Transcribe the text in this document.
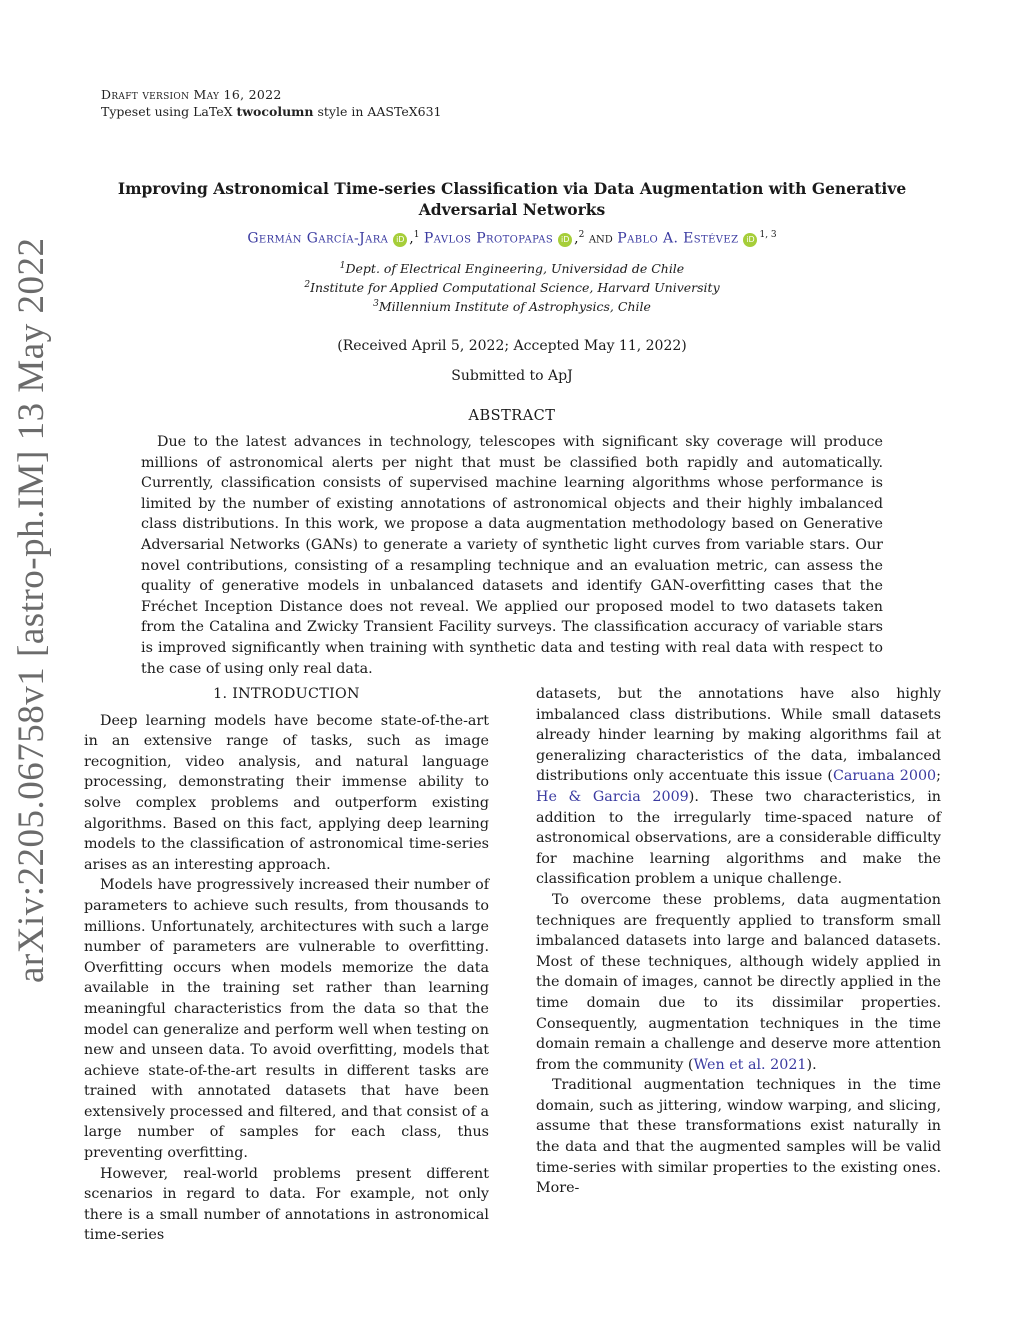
Draft version May 16, 2022
Typeset using LaTeX twocolumn style in AASTeX631
arXiv:2205.06758v1 [astro-ph.IM] 13 May 2022
Improving Astronomical Time-series Classification via Data Augmentation with Generative Adversarial Networks
Germán García-Jara iD ,$^1$ Pavlos Protopapas iD ,$^2$ and Pablo A. Estévez iD $^{1, 3}$
$^1$Dept. of Electrical Engineering, Universidad de Chile
$^2$Institute for Applied Computational Science, Harvard University
$^3$Millennium Institute of Astrophysics, Chile
(Received April 5, 2022; Accepted May 11, 2022)
Submitted to ApJ
ABSTRACT
Due to the latest advances in technology, telescopes with significant sky coverage will produce millions of astronomical alerts per night that must be classified both rapidly and automatically. Currently, classification consists of supervised machine learning algorithms whose performance is limited by the number of existing annotations of astronomical objects and their highly imbalanced class distributions. In this work, we propose a data augmentation methodology based on Generative Adversarial Networks (GANs) to generate a variety of synthetic light curves from variable stars. Our novel contributions, consisting of a resampling technique and an evaluation metric, can assess the quality of generative models in unbalanced datasets and identify GAN-overfitting cases that the Fréchet Inception Distance does not reveal. We applied our proposed model to two datasets taken from the Catalina and Zwicky Transient Facility surveys. The classification accuracy of variable stars is improved significantly when training with synthetic data and testing with real data with respect to the case of using only real data.
1. INTRODUCTION

Deep learning models have become state-of-the-art in an extensive range of tasks, such as image recognition, video analysis, and natural language processing, demonstrating their immense ability to solve complex problems and outperform existing algorithms. Based on this fact, applying deep learning models to the classification of astronomical time-series arises as an interesting approach.

Models have progressively increased their number of parameters to achieve such results, from thousands to millions. Unfortunately, architectures with such a large number of parameters are vulnerable to overfitting. Overfitting occurs when models memorize the data available in the training set rather than learning meaningful characteristics from the data so that the model can generalize and perform well when testing on new and unseen data. To avoid overfitting, models that achieve state-of-the-art results in different tasks are trained with annotated datasets that have been extensively processed and filtered, and that consist of a large number of samples for each class, thus preventing overfitting.

However, real-world problems present different scenarios in regard to data. For example, not only there is a small number of annotations in astronomical time-series

datasets, but the annotations have also highly imbalanced class distributions. While small datasets already hinder learning by making algorithms fail at generalizing characteristics of the data, imbalanced distributions only accentuate this issue (Caruana 2000; He & Garcia 2009). These two characteristics, in addition to the irregularly time-spaced nature of astronomical observations, are a considerable difficulty for machine learning algorithms and make the classification problem a unique challenge.

To overcome these problems, data augmentation techniques are frequently applied to transform small imbalanced datasets into large and balanced datasets. Most of these techniques, although widely applied in the domain of images, cannot be directly applied in the time domain due to its dissimilar properties. Consequently, augmentation techniques in the time domain remain a challenge and deserve more attention from the community (Wen et al. 2021).

Traditional augmentation techniques in the time domain, such as jittering, window warping, and slicing, assume that these transformations exist naturally in the data and that the augmented samples will be valid time-series with similar properties to the existing ones. More-
